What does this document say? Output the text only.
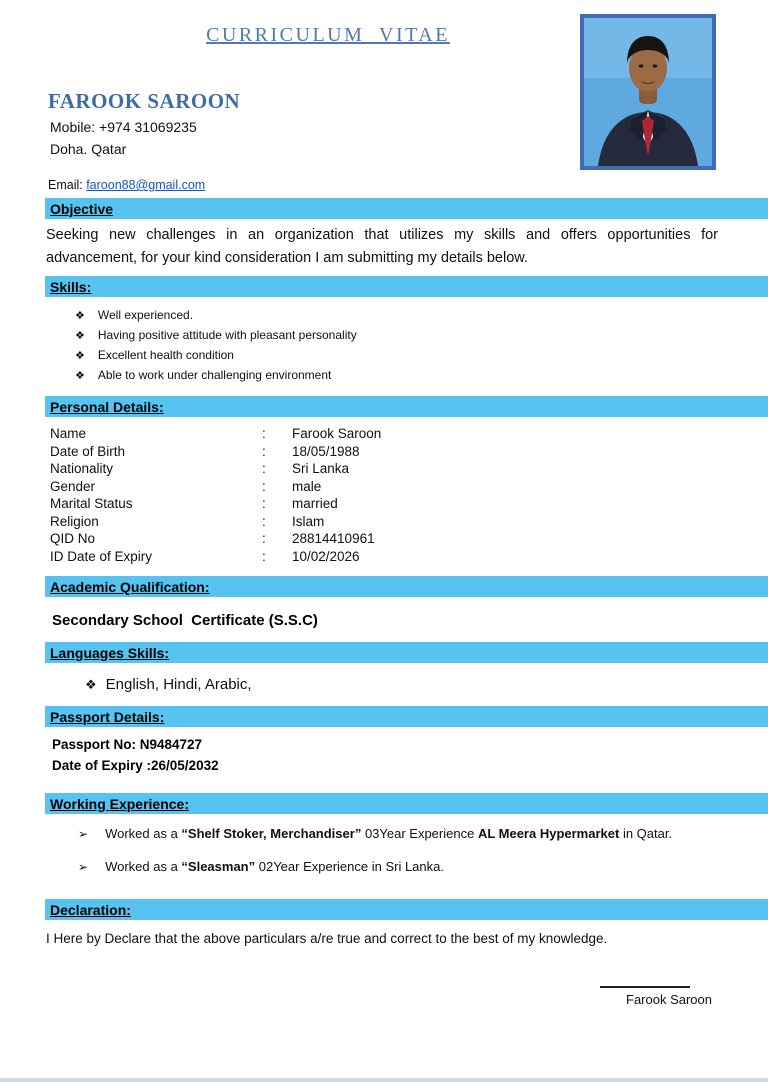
CURRICULUM  VITAE
FAROOK SAROON
Mobile: +974 31069235
Doha. Qatar
Email: faroon88@gmail.com
Objective
Seeking new challenges in an organization that utilizes my skills and offers opportunities for advancement, for your kind consideration I am submitting my details below.
Skills:
❖ Well experienced.
❖ Having positive attitude with pleasant personality
❖ Excellent health condition
❖ Able to work under challenging environment
Personal Details:
Name	:	Farook Saroon
Date of Birth	:	18/05/1988
Nationality	:	Sri Lanka
Gender	:	male
Marital Status	:	married
Religion	:	Islam
QID No	:	28814410961
ID Date of Expiry	:	10/02/2026
Academic Qualification:
Secondary School  Certificate (S.S.C)
Languages Skills:
❖ English, Hindi, Arabic,
Passport Details:
Passport No: N9484727
Date of Expiry :26/05/2032
Working Experience:
➢ Worked as a “Shelf Stoker, Merchandiser” 03Year Experience AL Meera Hypermarket in Qatar.
➢ Worked as a “Sleasman” 02Year Experience in Sri Lanka.
Declaration:
I Here by Declare that the above particulars a/re true and correct to the best of my knowledge.
Farook Saroon
